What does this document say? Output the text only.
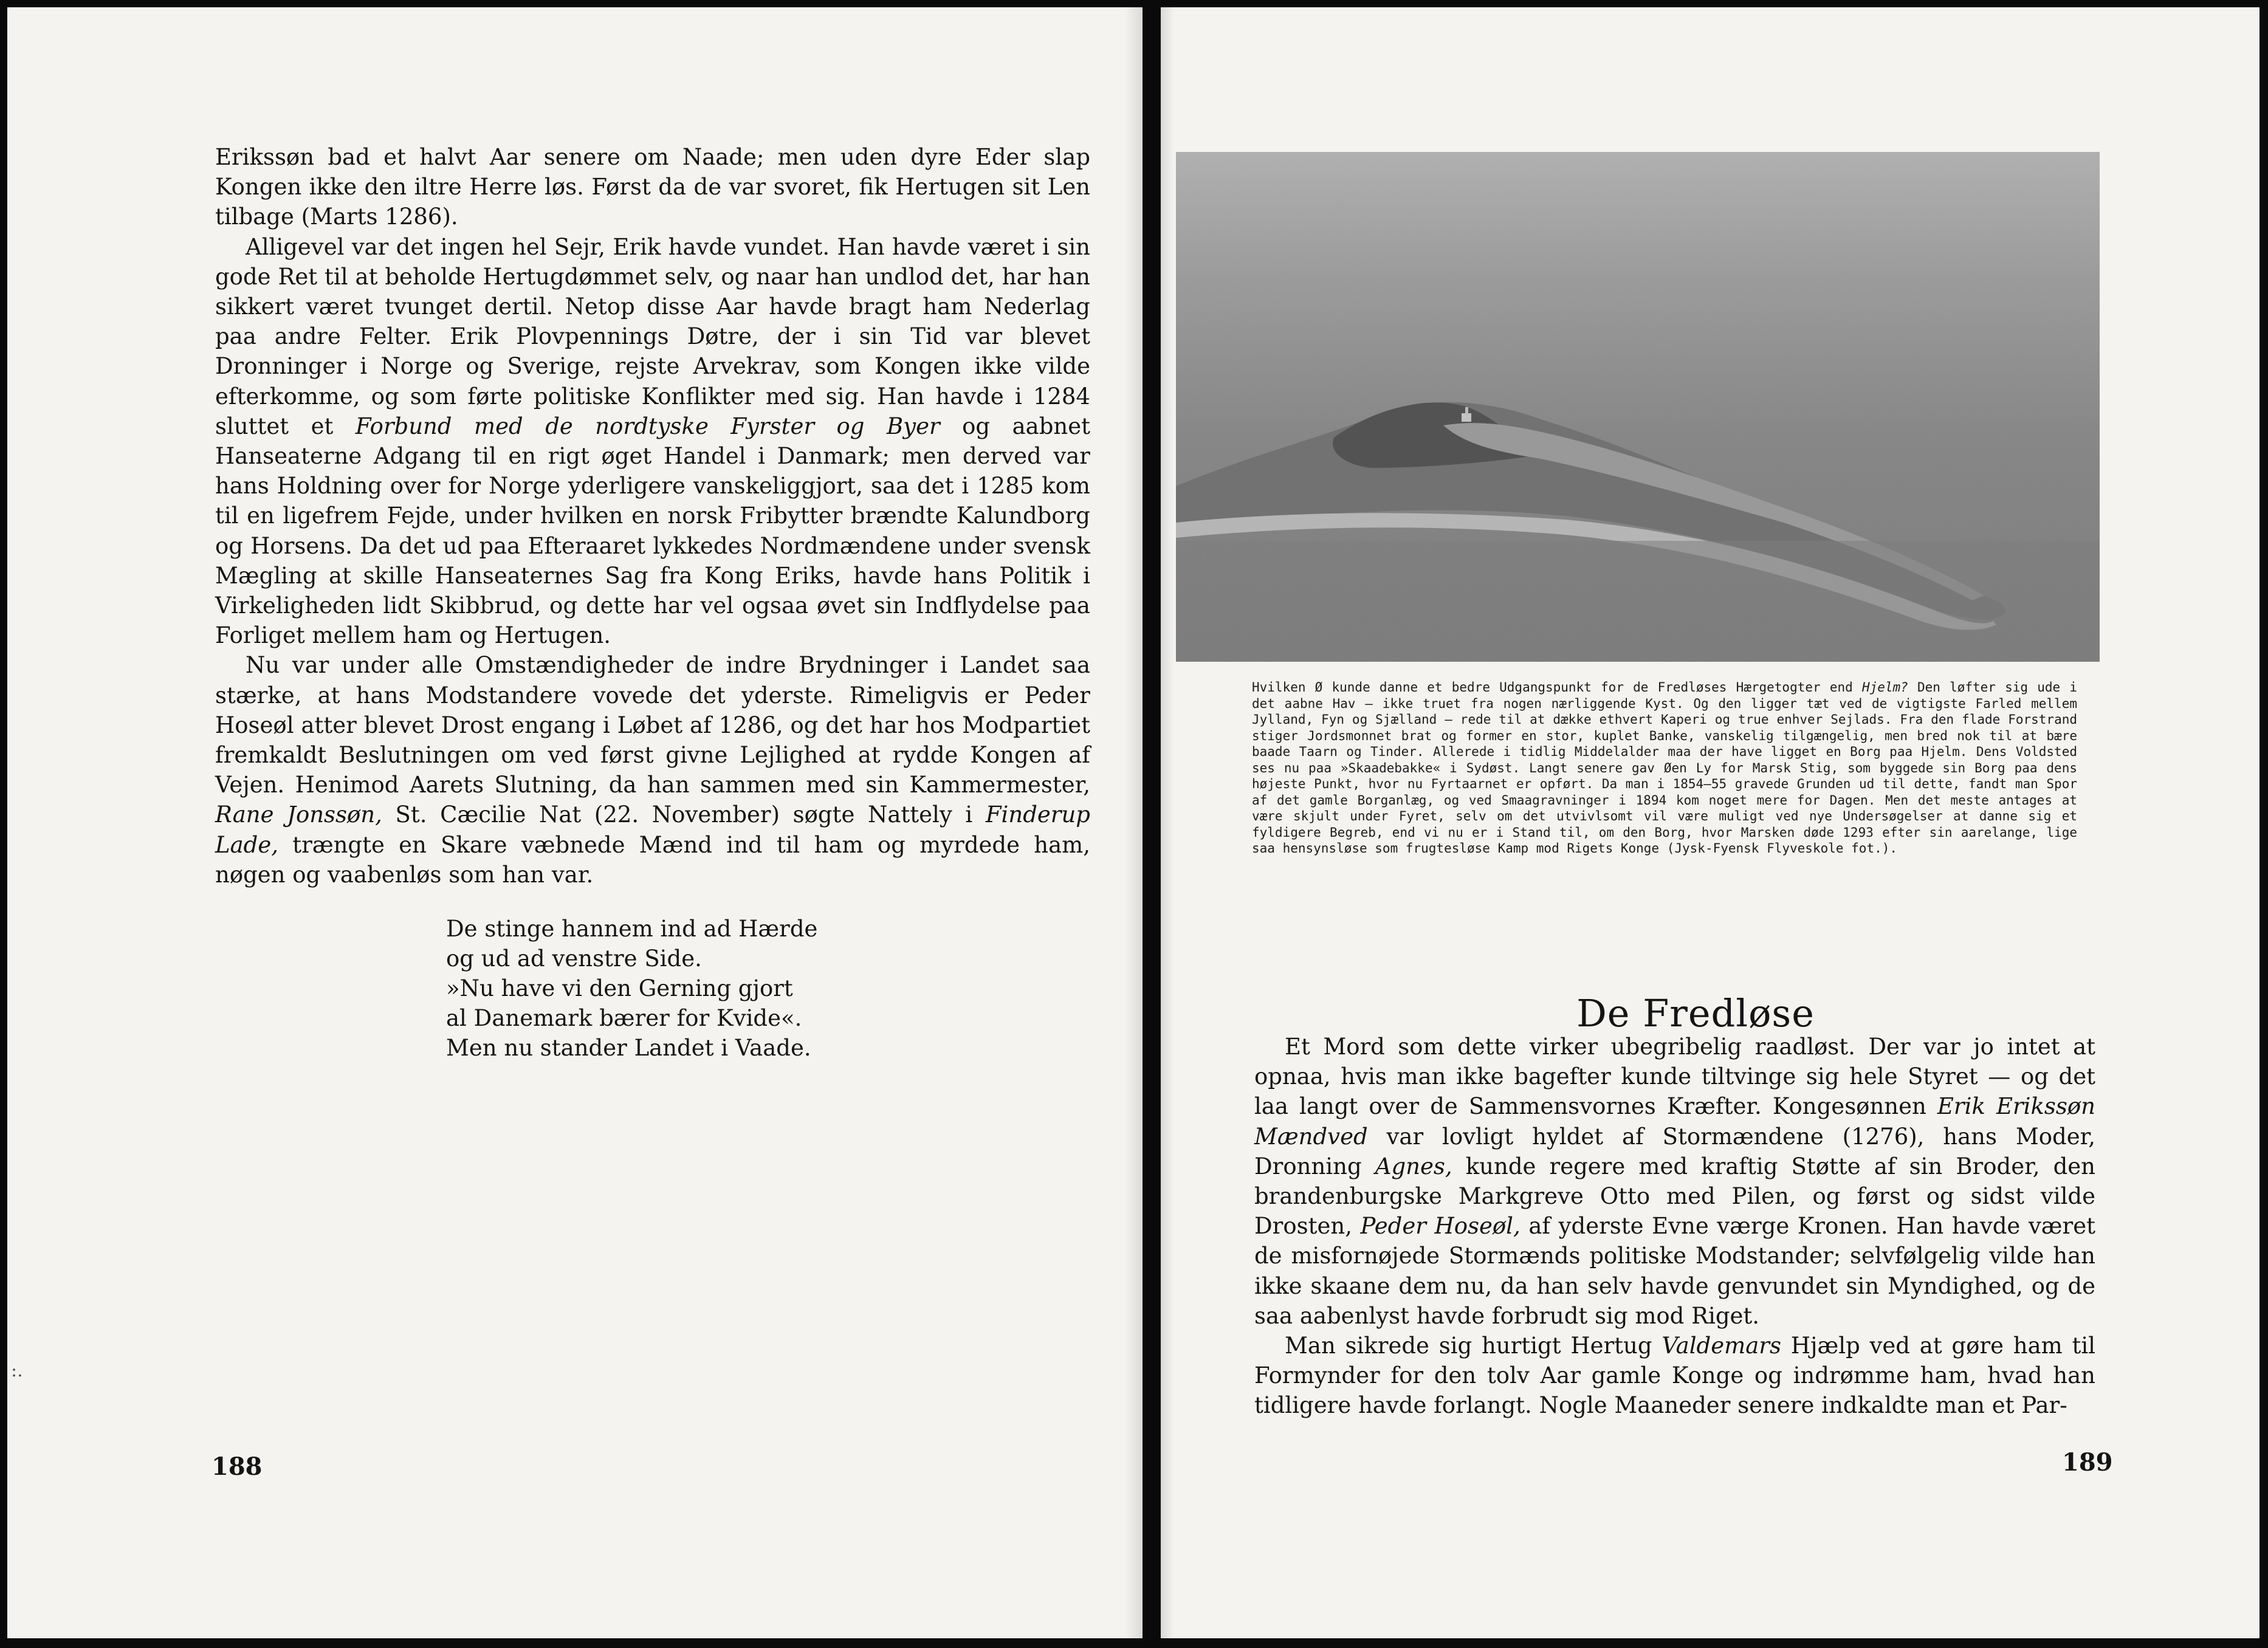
:.

Erikssøn bad et halvt Aar senere om Naade; men uden dyre Eder slap Kongen ikke den iltre Herre løs. Først da de var svoret, fik Hertugen sit Len tilbage (Marts 1286).

Alligevel var det ingen hel Sejr, Erik havde vundet. Han havde været i sin gode Ret til at beholde Hertugdømmet selv, og naar han undlod det, har han sikkert været tvunget dertil. Netop disse Aar havde bragt ham Nederlag paa andre Felter. Erik Plovpennings Døtre, der i sin Tid var blevet Dronninger i Norge og Sverige, rejste Arvekrav, som Kongen ikke vilde efterkomme, og som førte politiske Konflikter med sig. Han havde i 1284 sluttet et Forbund med de nordtyske Fyrster og Byer og aabnet Hanseaterne Adgang til en rigt øget Handel i Danmark; men derved var hans Holdning over for Norge yderligere vanskeliggjort, saa det i 1285 kom til en ligefrem Fejde, under hvilken en norsk Fribytter brændte Kalundborg og Horsens. Da det ud paa Efteraaret lykkedes Nordmændene under svensk Mægling at skille Hanseaternes Sag fra Kong Eriks, havde hans Politik i Virkeligheden lidt Skibbrud, og dette har vel ogsaa øvet sin Indflydelse paa Forliget mellem ham og Hertugen.

Nu var under alle Omstændigheder de indre Brydninger i Landet saa stærke, at hans Modstandere vovede det yderste. Rimeligvis er Peder Hoseøl atter blevet Drost engang i Løbet af 1286, og det har hos Modpartiet fremkaldt Beslutningen om ved først givne Lejlighed at rydde Kongen af Vejen. Henimod Aarets Slutning, da han sammen med sin Kammermester, Rane Jonssøn, St. Cæcilie Nat (22. November) søgte Nattely i Finderup Lade, trængte en Skare væbnede Mænd ind til ham og myrdede ham, nøgen og vaabenløs som han var.

De stinge hannem ind ad Hærde
og ud ad venstre Side.
»Nu have vi den Gerning gjort
al Danemark bærer for Kvide«.
Men nu stander Landet i Vaade.
188
Hvilken Ø kunde danne et bedre Udgangspunkt for de Fredløses Hærgetogter end Hjelm? Den løfter sig ude i det aabne Hav — ikke truet fra nogen nærliggende Kyst. Og den ligger tæt ved de vigtigste Farled mellem Jylland, Fyn og Sjælland — rede til at dække ethvert Kaperi og true enhver Sejlads. Fra den flade Forstrand stiger Jordsmonnet brat og former en stor, kuplet Banke, vanskelig tilgængelig, men bred nok til at bære baade Taarn og Tinder. Allerede i tidlig Middelalder maa der have ligget en Borg paa Hjelm. Dens Voldsted ses nu paa »Skaadebakke« i Sydøst. Langt senere gav Øen Ly for Marsk Stig, som byggede sin Borg paa dens højeste Punkt, hvor nu Fyrtaarnet er opført. Da man i 1854—55 gravede Grunden ud til dette, fandt man Spor af det gamle Borganlæg, og ved Smaagravninger i 1894 kom noget mere for Dagen. Men det meste antages at være skjult under Fyret, selv om det utvivlsomt vil være muligt ved nye Undersøgelser at danne sig et fyldigere Begreb, end vi nu er i Stand til, om den Borg, hvor Marsken døde 1293 efter sin aarelange, lige saa hensynsløse som frugtesløse Kamp mod Rigets Konge (Jysk-Fyensk Flyveskole fot.).
De Fredløse

Et Mord som dette virker ubegribelig raadløst. Der var jo intet at opnaa, hvis man ikke bagefter kunde tiltvinge sig hele Styret — og det laa langt over de Sammensvornes Kræfter. Kongesønnen Erik Erikssøn Mændved var lovligt hyldet af Stormændene (1276), hans Moder, Dronning Agnes, kunde regere med kraftig Støtte af sin Broder, den brandenburgske Markgreve Otto med Pilen, og først og sidst vilde Drosten, Peder Hoseøl, af yderste Evne værge Kronen. Han havde været de misfornøjede Stormænds politiske Modstander; selvfølgelig vilde han ikke skaane dem nu, da han selv havde genvundet sin Myndighed, og de saa aabenlyst havde forbrudt sig mod Riget.

Man sikrede sig hurtigt Hertug Valdemars Hjælp ved at gøre ham til Formynder for den tolv Aar gamle Konge og indrømme ham, hvad han tidligere havde forlangt. Nogle Maaneder senere indkaldte man et Par-

189
